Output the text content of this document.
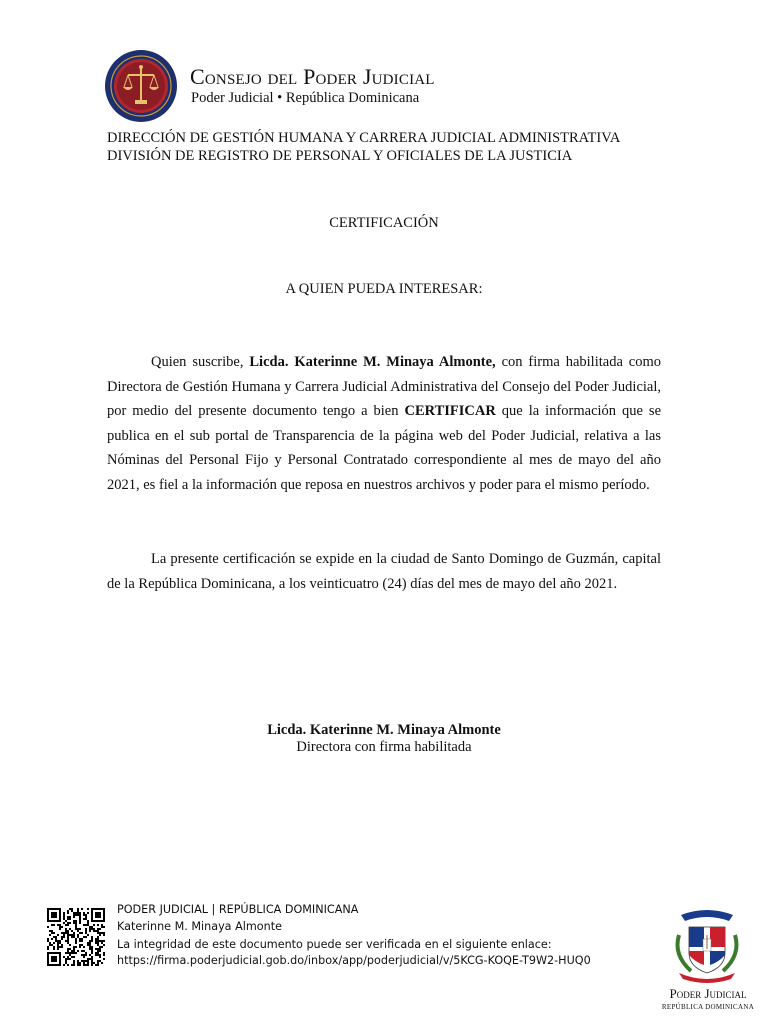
Consejo del Poder Judicial
Poder Judicial • República Dominicana
DIRECCIÓN DE GESTIÓN HUMANA Y CARRERA JUDICIAL ADMINISTRATIVA
DIVISIÓN DE REGISTRO DE PERSONAL Y OFICIALES DE LA JUSTICIA
CERTIFICACIÓN
A QUIEN PUEDA INTERESAR:
Quien suscribe, Licda. Katerinne M. Minaya Almonte, con firma habilitada como Directora de Gestión Humana y Carrera Judicial Administrativa del Consejo del Poder Judicial, por medio del presente documento tengo a bien CERTIFICAR que la información que se publica en el sub portal de Transparencia de la página web del Poder Judicial, relativa a las Nóminas del Personal Fijo y Personal Contratado correspondiente al mes de mayo del año 2021, es fiel a la información que reposa en nuestros archivos y poder para el mismo período.
La presente certificación se expide en la ciudad de Santo Domingo de Guzmán, capital de la República Dominicana, a los veinticuatro (24) días del mes de mayo del año 2021.
Licda. Katerinne M. Minaya Almonte
Directora con firma habilitada
PODER JUDICIAL | REPÚBLICA DOMINICANA
Katerinne M. Minaya Almonte
La integridad de este documento puede ser verificada en el siguiente enlace:
https://firma.poderjudicial.gob.do/inbox/app/poderjudicial/v/5KCG-KOQE-T9W2-HUQ0
Poder Judicial
REPÚBLICA DOMINICANA
